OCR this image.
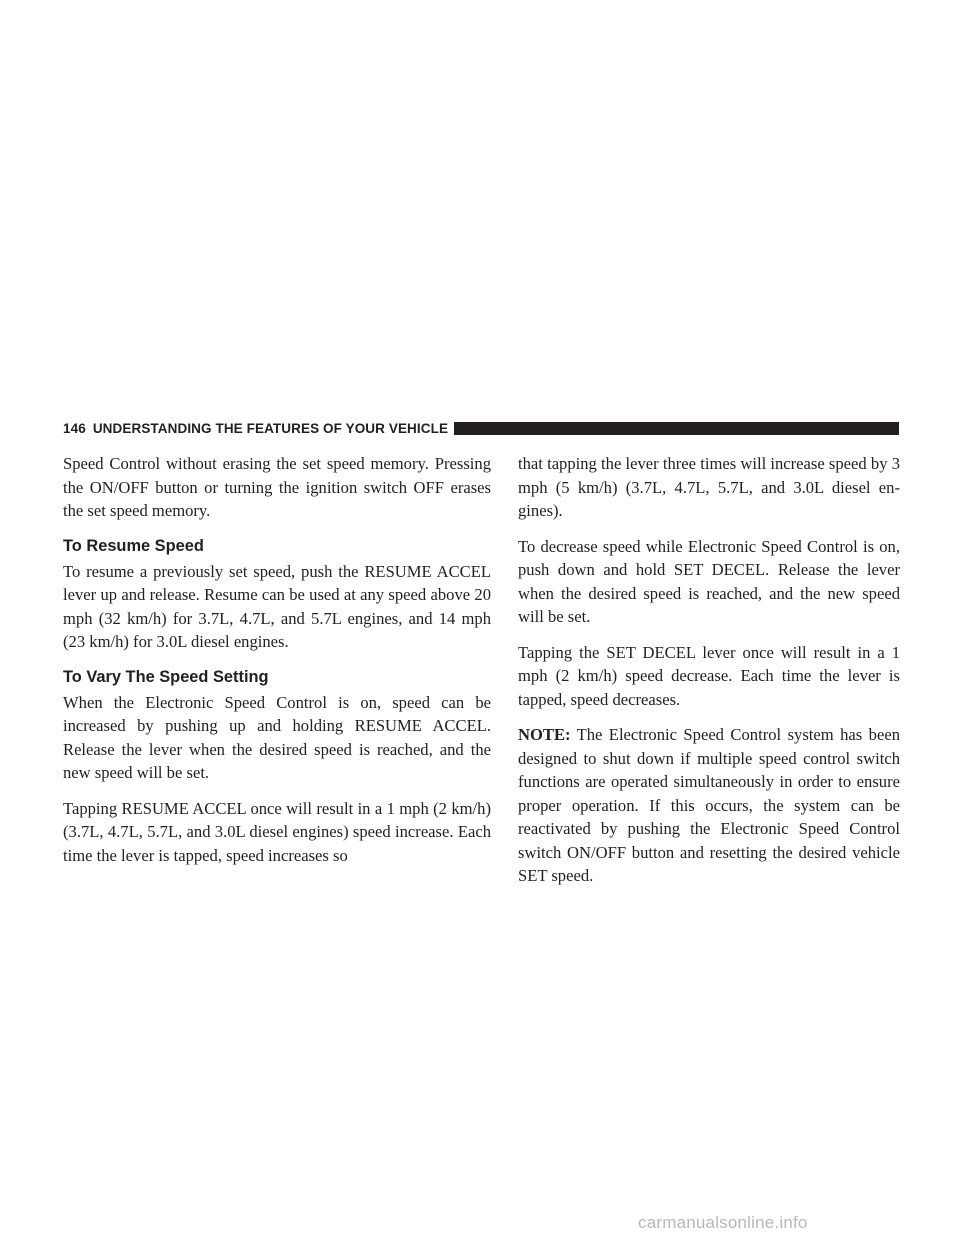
146 UNDERSTANDING THE FEATURES OF YOUR VEHICLE

Speed Control without erasing the set speed memory. Pressing the ON/OFF button or turning the ignition switch OFF erases the set speed memory.

To Resume Speed

To resume a previously set speed, push the RESUME ACCEL lever up and release. Resume can be used at any speed above 20 mph (32 km/h) for 3.7L, 4.7L, and 5.7L engines, and 14 mph (23 km/h) for 3.0L diesel engines.

To Vary The Speed Setting

When the Electronic Speed Control is on, speed can be increased by pushing up and holding RESUME ACCEL. Release the lever when the desired speed is reached, and the new speed will be set.

Tapping RESUME ACCEL once will result in a 1 mph (2 km/h) (3.7L, 4.7L, 5.7L, and 3.0L diesel engines) speed increase. Each time the lever is tapped, speed increases so

that tapping the lever three times will increase speed by 3 mph (5 km/h) (3.7L, 4.7L, 5.7L, and 3.0L diesel en- gines).

To decrease speed while Electronic Speed Control is on, push down and hold SET DECEL. Release the lever when the desired speed is reached, and the new speed will be set.

Tapping the SET DECEL lever once will result in a 1 mph (2 km/h) speed decrease. Each time the lever is tapped, speed decreases.

NOTE: The Electronic Speed Control system has been designed to shut down if multiple speed control switch functions are operated simultaneously in order to ensure proper operation. If this occurs, the system can be reactivated by pushing the Electronic Speed Control switch ON/OFF button and resetting the desired vehicle SET speed.

carmanualsonline.info
